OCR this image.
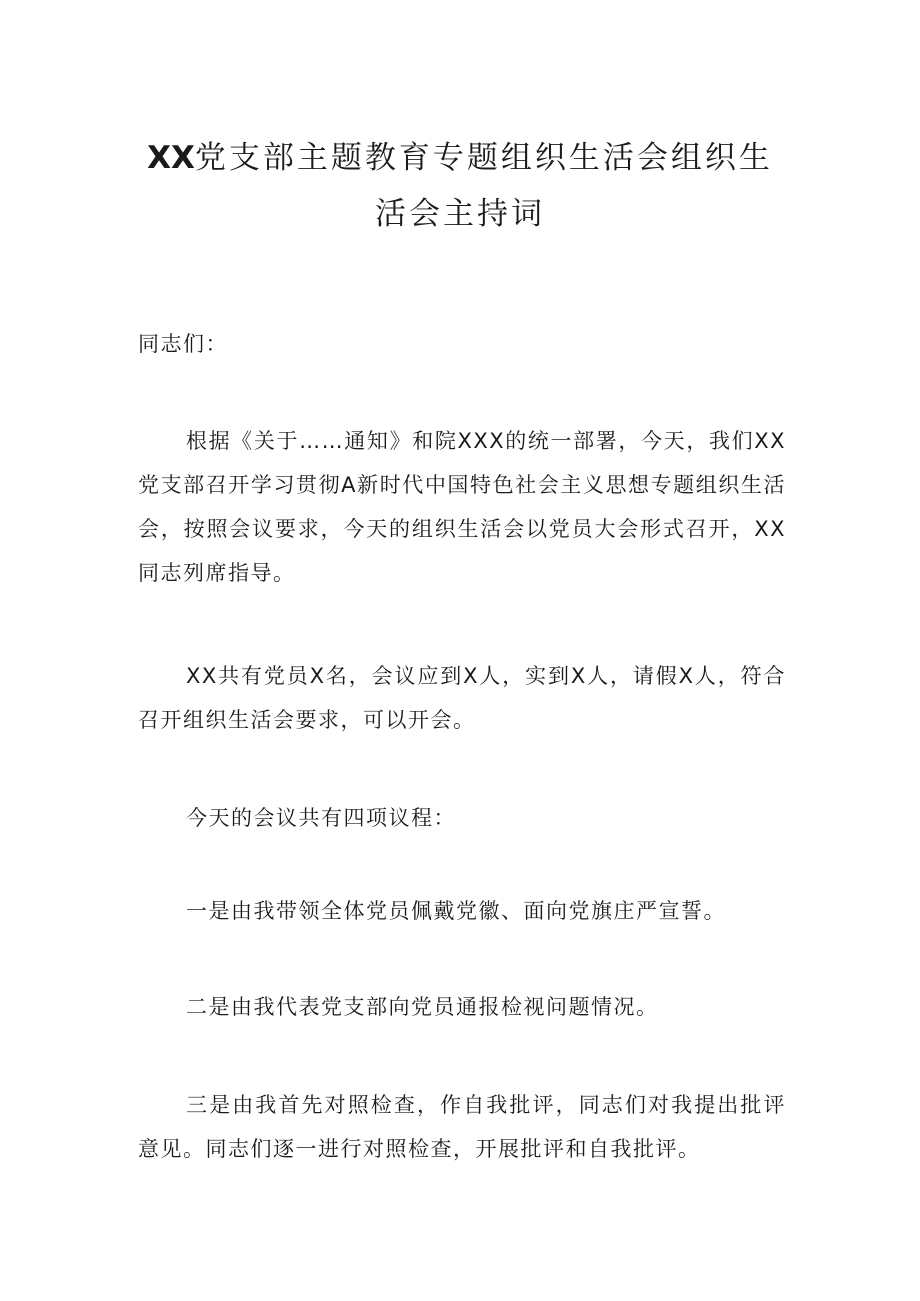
XX党支部主题教育专题组织生活会组织生
活会主持词

同志们：

根据《关于……通知》和院XXX的统一部署，今天，我们XX党支部召开学习贯彻A新时代中国特色社会主义思想专题组织生活会，按照会议要求，今天的组织生活会以党员大会形式召开，XX同志列席指导。

XX共有党员X名，会议应到X人，实到X人，请假X人，符合召开组织生活会要求，可以开会。

今天的会议共有四项议程：

一是由我带领全体党员佩戴党徽、面向党旗庄严宣誓。

二是由我代表党支部向党员通报检视问题情况。

三是由我首先对照检查，作自我批评，同志们对我提出批评意见。同志们逐一进行对照检查，开展批评和自我批评。
